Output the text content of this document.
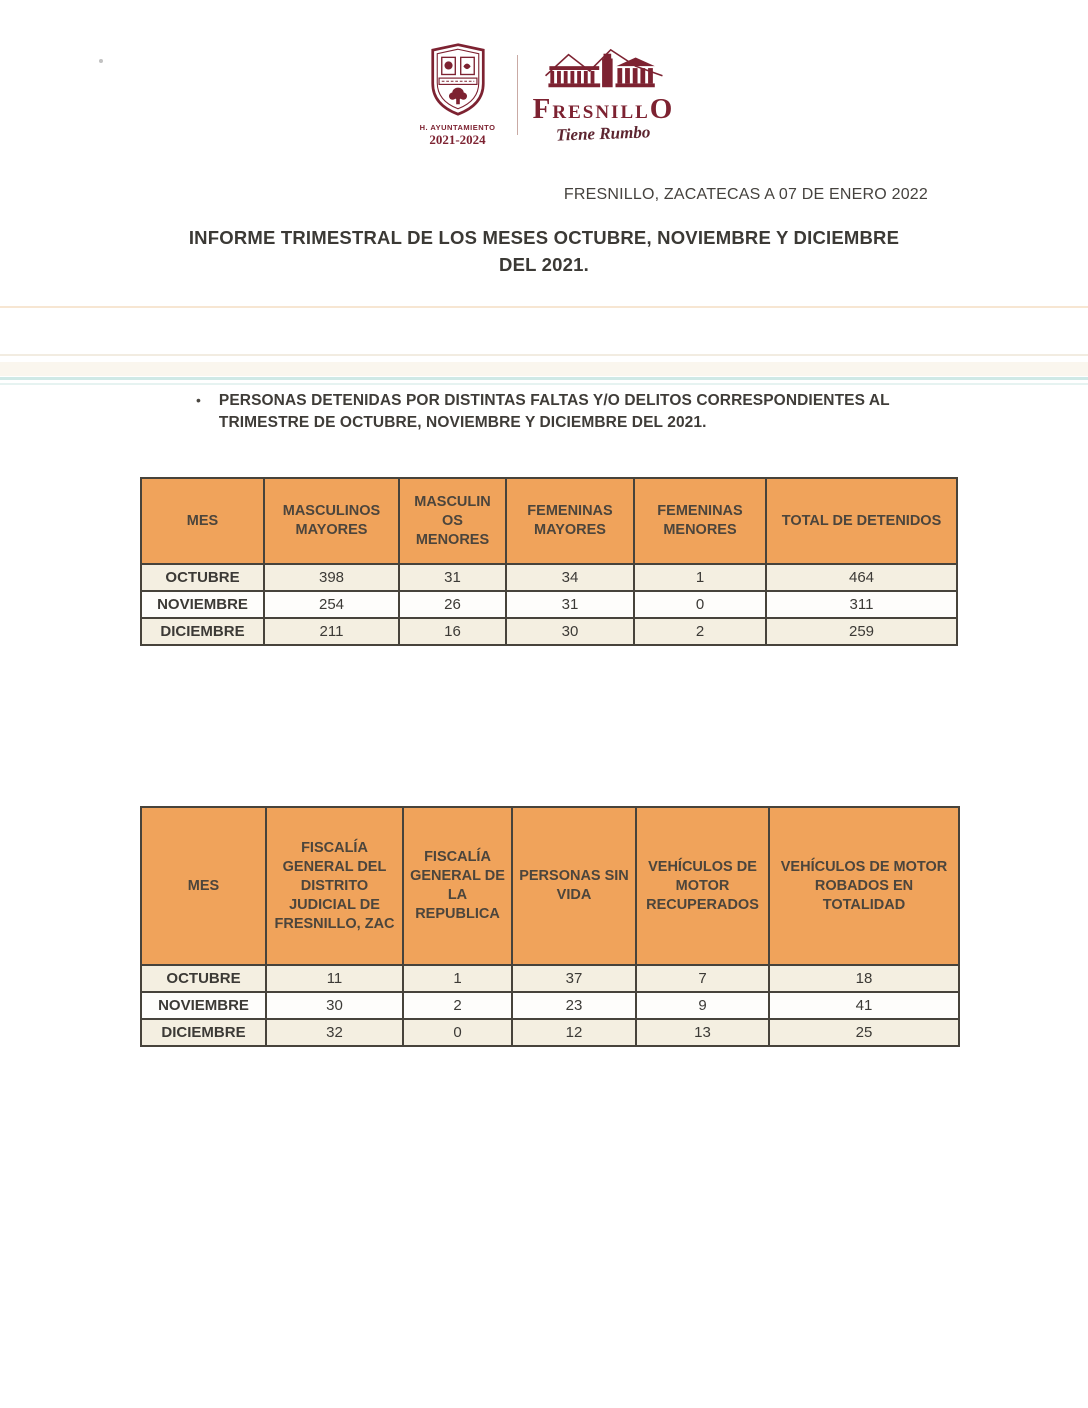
H. AYUNTAMIENTO
2021-2024
FRESNILLO
Tiene Rumbo
FRESNILLO, ZACATECAS A 07 DE ENERO 2022
INFORME TRIMESTRAL DE LOS MESES OCTUBRE, NOVIEMBRE Y DICIEMBRE
DEL 2021.
• PERSONAS DETENIDAS POR DISTINTAS FALTAS Y/O DELITOS CORRESPONDIENTES AL TRIMESTRE DE OCTUBRE, NOVIEMBRE Y DICIEMBRE DEL 2021.
MES	MASCULINOS MAYORES	MASCULIN OS MENORES	FEMENINAS MAYORES	FEMENINAS MENORES	TOTAL DE DETENIDOS
OCTUBRE	398	31	34	1	464
NOVIEMBRE	254	26	31	0	311
DICIEMBRE	211	16	30	2	259
MES	FISCALÍA GENERAL DEL DISTRITO JUDICIAL DE FRESNILLO, ZAC	FISCALÍA GENERAL DE LA REPUBLICA	PERSONAS SIN VIDA	VEHÍCULOS DE MOTOR RECUPERADOS	VEHÍCULOS DE MOTOR ROBADOS EN TOTALIDAD
OCTUBRE	11	1	37	7	18
NOVIEMBRE	30	2	23	9	41
DICIEMBRE	32	0	12	13	25
